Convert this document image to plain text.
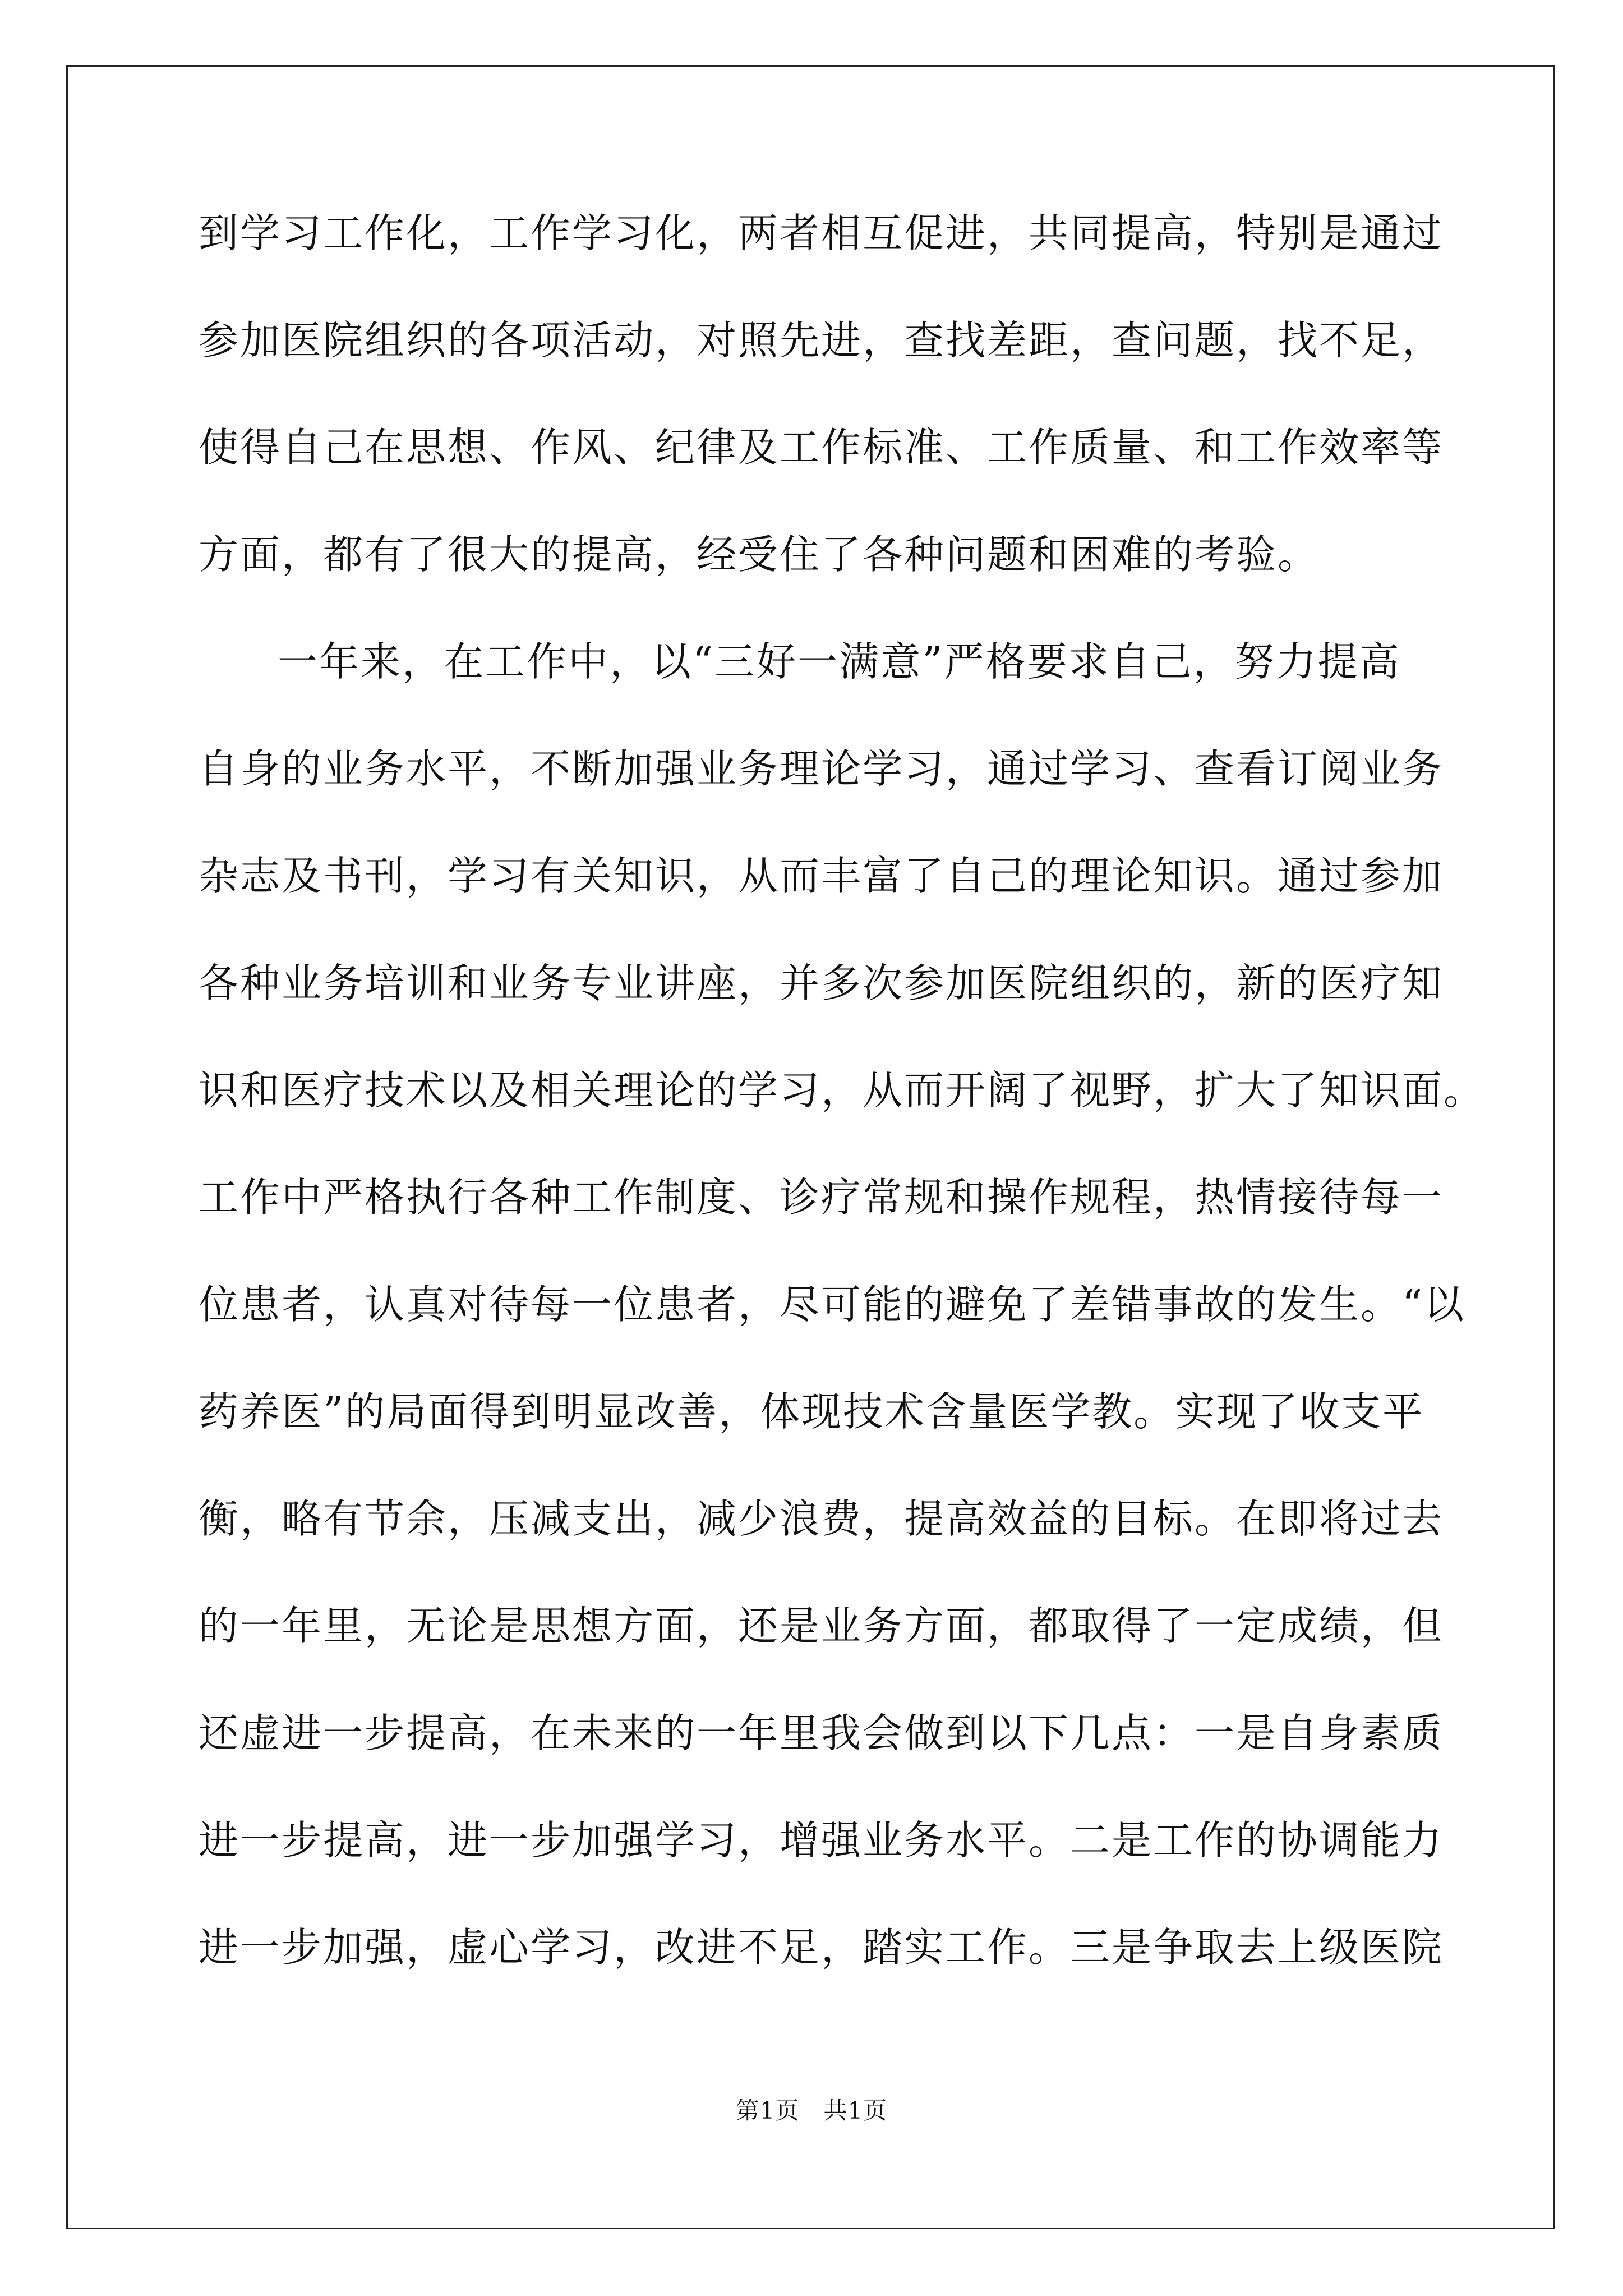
到学习工作化，工作学习化，两者相互促进，共同提高，特别是通过
参加医院组织的各项活动，对照先进，查找差距，查问题，找不足，
使得自己在思想、作风、纪律及工作标准、工作质量、和工作效率等
方面，都有了很大的提高，经受住了各种问题和困难的考验。
一年来，在工作中，以“三好一满意”严格要求自己，努力提高
自身的业务水平，不断加强业务理论学习，通过学习、查看订阅业务
杂志及书刊，学习有关知识，从而丰富了自己的理论知识。通过参加
各种业务培训和业务专业讲座，并多次参加医院组织的，新的医疗知
识和医疗技术以及相关理论的学习，从而开阔了视野，扩大了知识面。
工作中严格执行各种工作制度、诊疗常规和操作规程，热情接待每一
位患者，认真对待每一位患者，尽可能的避免了差错事故的发生。“以
药养医”的局面得到明显改善，体现技术含量医学教。实现了收支平
衡，略有节余，压减支出，减少浪费，提高效益的目标。在即将过去
的一年里，无论是思想方面，还是业务方面，都取得了一定成绩，但
还虚进一步提高，在未来的一年里我会做到以下几点：一是自身素质
进一步提高，进一步加强学习，增强业务水平。二是工作的协调能力
进一步加强，虚心学习，改进不足，踏实工作。三是争取去上级医院
第1页　共1页
